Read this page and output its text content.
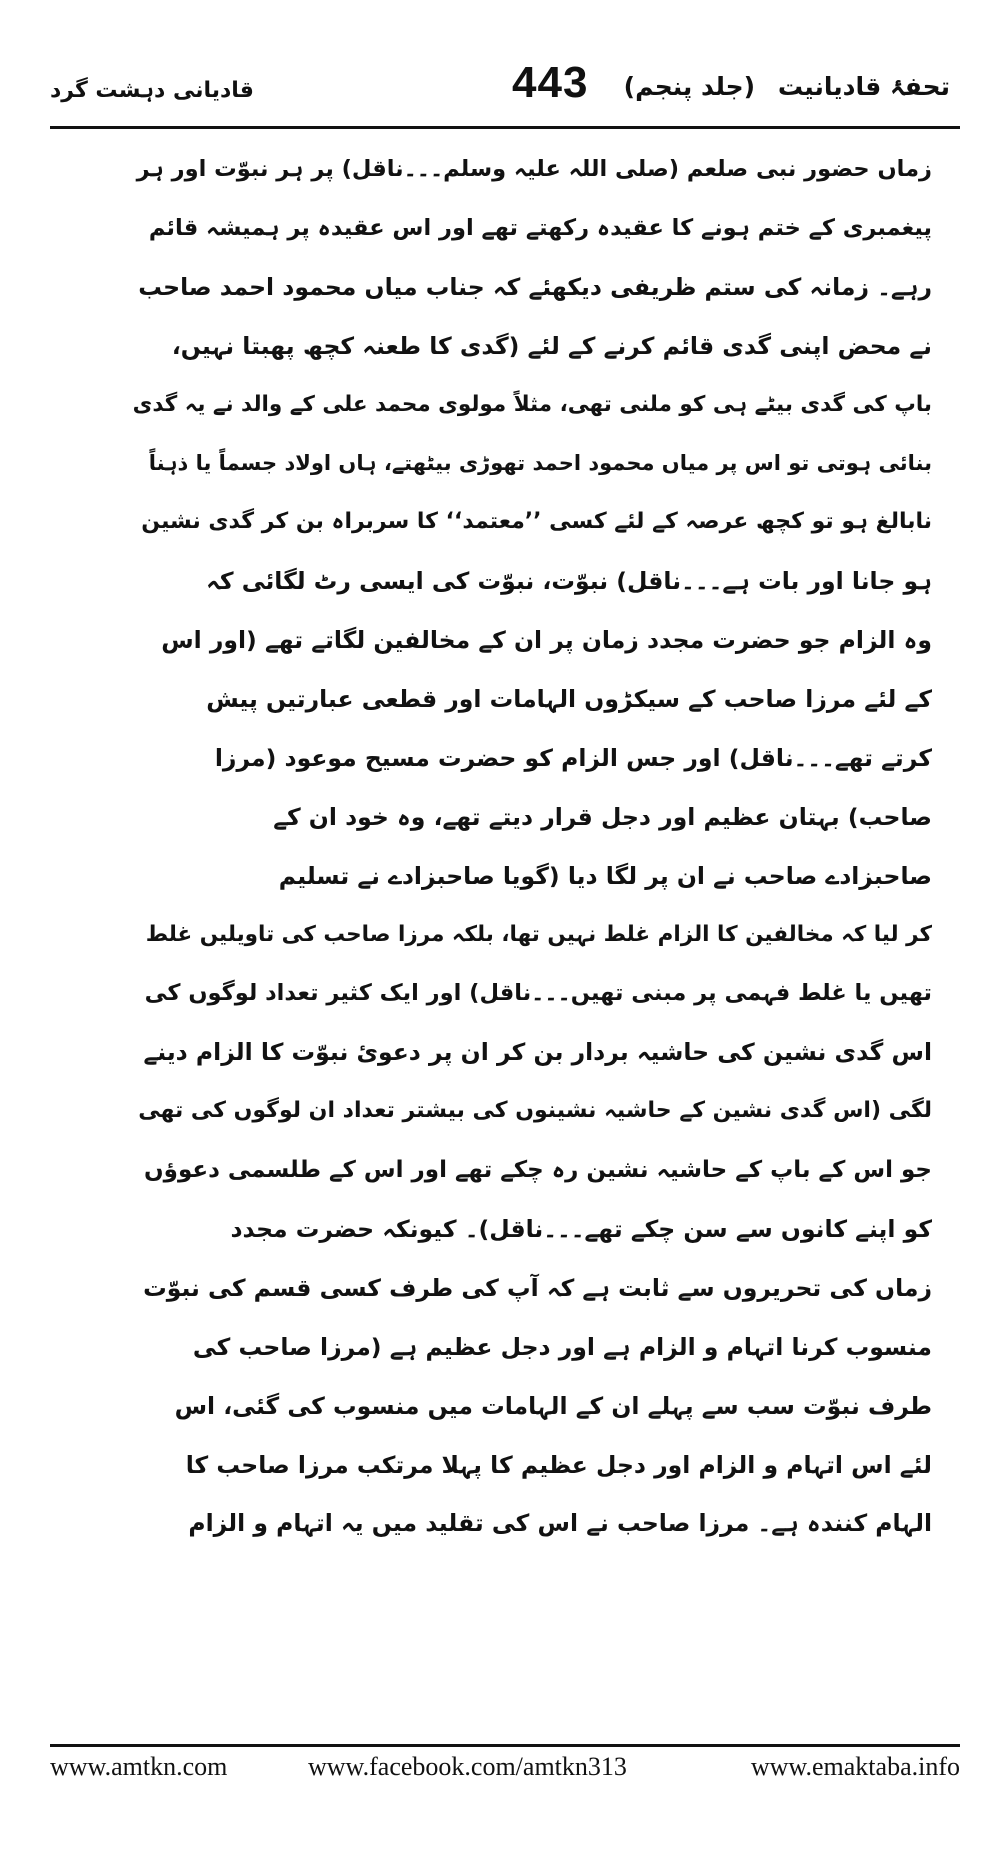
تحفۂ قادیانیت (جلد پنجم)
443
قادیانی دہشت گرد
زماں حضور نبی صلعم (صلی اللہ علیہ وسلم۔۔۔ناقل) پر ہر نبوّت اور ہر
پیغمبری کے ختم ہونے کا عقیدہ رکھتے تھے اور اس عقیدہ پر ہمیشہ قائم
رہے۔ زمانہ کی ستم ظریفی دیکھئے کہ جناب میاں محمود احمد صاحب
نے محض اپنی گدی قائم کرنے کے لئے (گدی کا طعنہ کچھ پھبتا نہیں،
باپ کی گدی بیٹے ہی کو ملنی تھی، مثلاً مولوی محمد علی کے والد نے یہ گدی
بنائی ہوتی تو اس پر میاں محمود احمد تھوڑی بیٹھتے، ہاں اولاد جسماً یا ذہناً
نابالغ ہو تو کچھ عرصہ کے لئے کسی ’’معتمد‘‘ کا سربراہ بن کر گدی نشین
ہو جانا اور بات ہے۔۔۔ناقل) نبوّت، نبوّت کی ایسی رٹ لگائی کہ
وہ الزام جو حضرت مجدد زمان پر ان کے مخالفین لگاتے تھے (اور اس
کے لئے مرزا صاحب کے سیکڑوں الہامات اور قطعی عبارتیں پیش
کرتے تھے۔۔۔ناقل) اور جس الزام کو حضرت مسیح موعود (مرزا
صاحب) بہتان عظیم اور دجل قرار دیتے تھے، وہ خود ان کے
صاحبزادے صاحب نے ان پر لگا دیا (گویا صاحبزادے نے تسلیم
کر لیا کہ مخالفین کا الزام غلط نہیں تھا، بلکہ مرزا صاحب کی تاویلیں غلط
تھیں یا غلط فہمی پر مبنی تھیں۔۔۔ناقل) اور ایک کثیر تعداد لوگوں کی
اس گدی نشین کی حاشیہ بردار بن کر ان پر دعویٔ نبوّت کا الزام دینے
لگی (اس گدی نشین کے حاشیہ نشینوں کی بیشتر تعداد ان لوگوں کی تھی
جو اس کے باپ کے حاشیہ نشین رہ چکے تھے اور اس کے طلسمی دعوؤں
کو اپنے کانوں سے سن چکے تھے۔۔۔ناقل)۔ کیونکہ حضرت مجدد
زماں کی تحریروں سے ثابت ہے کہ آپ کی طرف کسی قسم کی نبوّت
منسوب کرنا اتہام و الزام ہے اور دجل عظیم ہے (مرزا صاحب کی
طرف نبوّت سب سے پہلے ان کے الہامات میں منسوب کی گئی، اس
لئے اس اتہام و الزام اور دجل عظیم کا پہلا مرتکب مرزا صاحب کا
الہام کنندہ ہے۔ مرزا صاحب نے اس کی تقلید میں یہ اتہام و الزام
www.amtkn.com	www.facebook.com/amtkn313	www.emaktaba.info
